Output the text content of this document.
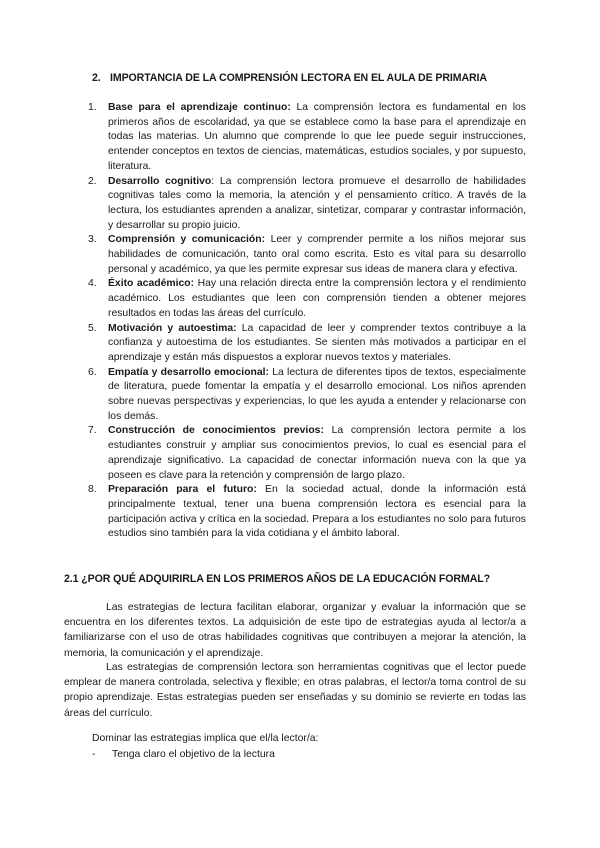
2. IMPORTANCIA DE LA COMPRENSIÓN LECTORA EN EL AULA DE PRIMARIA
1. Base para el aprendizaje continuo: La comprensión lectora es fundamental en los primeros años de escolaridad, ya que se establece como la base para el aprendizaje en todas las materias. Un alumno que comprende lo que lee puede seguir instrucciones, entender conceptos en textos de ciencias, matemáticas, estudios sociales, y por supuesto, literatura.
2. Desarrollo cognitivo: La comprensión lectora promueve el desarrollo de habilidades cognitivas tales como la memoria, la atención y el pensamiento crítico. A través de la lectura, los estudiantes aprenden a analizar, sintetizar, comparar y contrastar información, y desarrollar su propio juicio.
3. Comprensión y comunicación: Leer y comprender permite a los niños mejorar sus habilidades de comunicación, tanto oral como escrita. Esto es vital para su desarrollo personal y académico, ya que les permite expresar sus ideas de manera clara y efectiva.
4. Éxito académico: Hay una relación directa entre la comprensión lectora y el rendimiento académico. Los estudiantes que leen con comprensión tienden a obtener mejores resultados en todas las áreas del currículo.
5. Motivación y autoestima: La capacidad de leer y comprender textos contribuye a la confianza y autoestima de los estudiantes. Se sienten más motivados a participar en el aprendizaje y están más dispuestos a explorar nuevos textos y materiales.
6. Empatía y desarrollo emocional: La lectura de diferentes tipos de textos, especialmente de literatura, puede fomentar la empatía y el desarrollo emocional. Los niños aprenden sobre nuevas perspectivas y experiencias, lo que les ayuda a entender y relacionarse con los demás.
7. Construcción de conocimientos previos: La comprensión lectora permite a los estudiantes construir y ampliar sus conocimientos previos, lo cual es esencial para el aprendizaje significativo. La capacidad de conectar información nueva con la que ya poseen es clave para la retención y comprensión de largo plazo.
8. Preparación para el futuro: En la sociedad actual, donde la información está principalmente textual, tener una buena comprensión lectora es esencial para la participación activa y crítica en la sociedad. Prepara a los estudiantes no solo para futuros estudios sino también para la vida cotidiana y el ámbito laboral.
2.1 ¿POR QUÉ ADQUIRIRLA EN LOS PRIMEROS AÑOS DE LA EDUCACIÓN FORMAL?

Las estrategias de lectura facilitan elaborar, organizar y evaluar la información que se encuentra en los diferentes textos. La adquisición de este tipo de estrategias ayuda al lector/a a familiarizarse con el uso de otras habilidades cognitivas que contribuyen a mejorar la atención, la memoria, la comunicación y el aprendizaje.

Las estrategias de comprensión lectora son herramientas cognitivas que el lector puede emplear de manera controlada, selectiva y flexible; en otras palabras, el lector/a toma control de su propio aprendizaje. Estas estrategias pueden ser enseñadas y su dominio se revierte en todas las áreas del currículo.

Dominar las estrategias implica que el/la lector/a:
- Tenga claro el objetivo de la lectura
